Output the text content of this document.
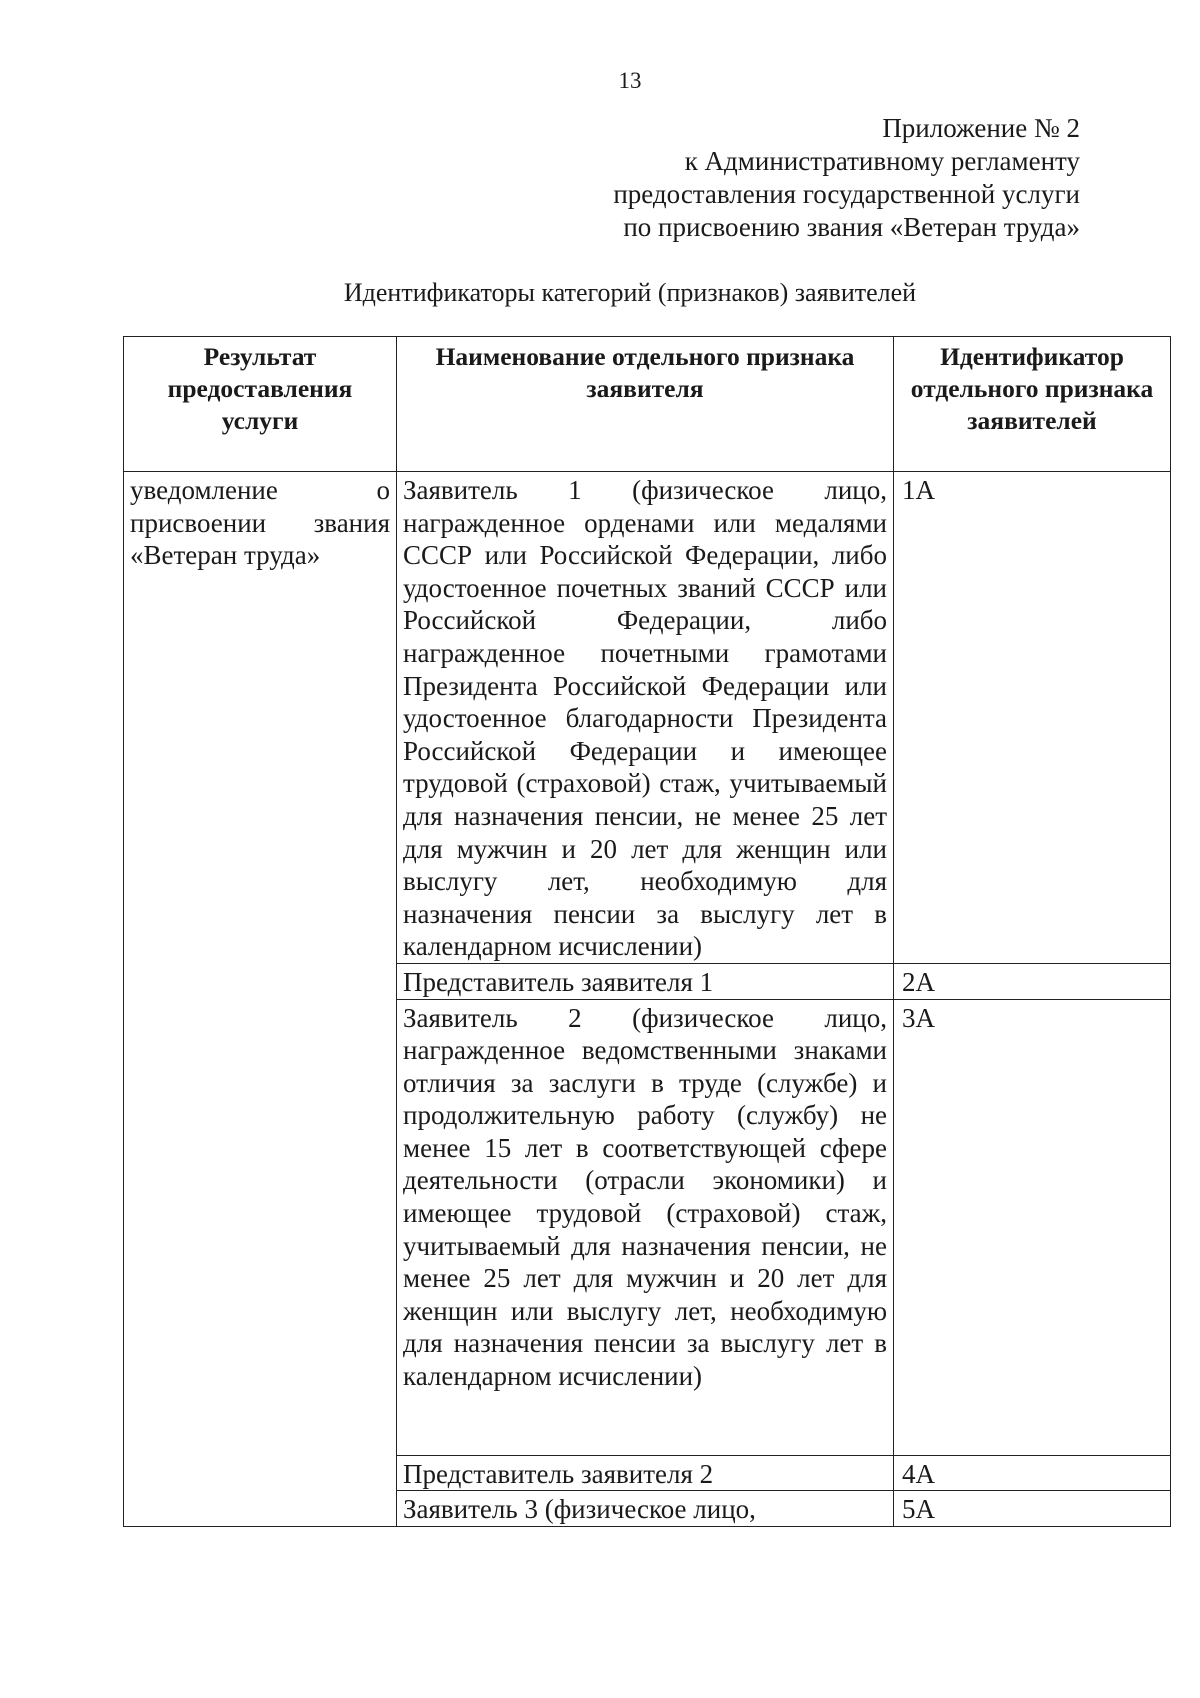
13
Приложение № 2
к Административному регламенту
предоставления государственной услуги
по присвоению звания «Ветеран труда»
Идентификаторы категорий (признаков) заявителей
Результат предоставления услуги	Наименование отдельного признака заявителя	Идентификатор отдельного признака заявителей
уведомление о присвоении звания «Ветеран труда»	Заявитель 1 (физическое лицо, награжденное орденами или медалями СССР или Российской Федерации, либо удостоенное почетных званий СССР или Российской Федерации, либо награжденное почетными грамотами Президента Российской Федерации или удостоенное благодарности Президента Российской Федерации и имеющее трудовой (страховой) стаж, учитываемый для назначения пенсии, не менее 25 лет для мужчин и 20 лет для женщин или выслугу лет, необходимую для назначения пенсии за выслугу лет в календарном исчислении)	1А
	Представитель заявителя 1	2А
	Заявитель 2 (физическое лицо, награжденное ведомственными знаками отличия за заслуги в труде (службе) и продолжительную работу (службу) не менее 15 лет в соответствующей сфере деятельности (отрасли экономики) и имеющее трудовой (страховой) стаж, учитываемый для назначения пенсии, не менее 25 лет для мужчин и 20 лет для женщин или выслугу лет, необходимую для назначения пенсии за выслугу лет в календарном исчислении)	3А
	Представитель заявителя 2	4А
	Заявитель 3 (физическое лицо,	5А
